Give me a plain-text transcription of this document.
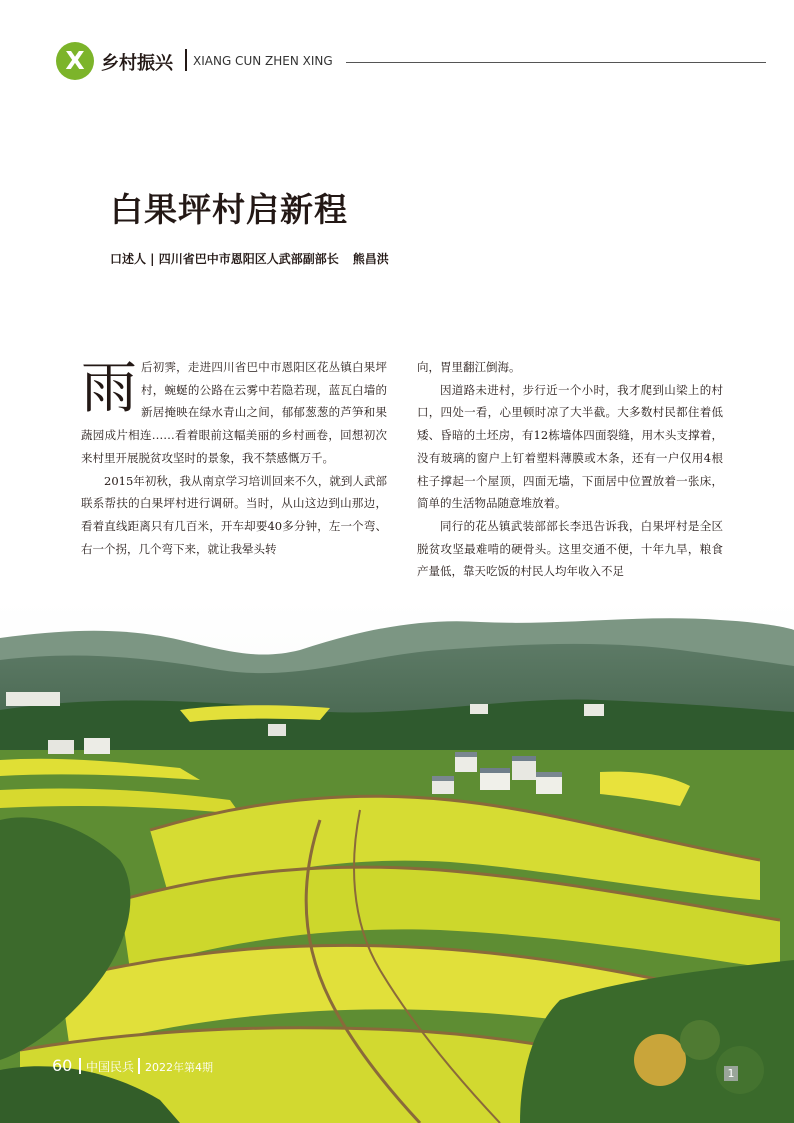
X 乡村振兴 XIANG CUN ZHEN XING
白果坪村启新程
口述人 | 四川省巴中市恩阳区人武部副部长 熊昌洪

雨后初霁，走进四川省巴中市恩阳区花丛镇白果坪村，蜿蜒的公路在云雾中若隐若现，蓝瓦白墙的新居掩映在绿水青山之间，郁郁葱葱的芦笋和果蔬园成片相连……看着眼前这幅美丽的乡村画卷，回想初次来村里开展脱贫攻坚时的景象，我不禁感慨万千。

2015年初秋，我从南京学习培训回来不久，就到人武部联系帮扶的白果坪村进行调研。当时，从山这边到山那边，看着直线距离只有几百米，开车却要40多分钟，左一个弯、右一个拐，几个弯下来，就让我晕头转

向，胃里翻江倒海。

因道路未进村，步行近一个小时，我才爬到山梁上的村口，四处一看，心里顿时凉了大半截。大多数村民都住着低矮、昏暗的土坯房，有12栋墙体四面裂缝，用木头支撑着，没有玻璃的窗户上钉着塑料薄膜或木条，还有一户仅用4根柱子撑起一个屋顶，四面无墙，下面居中位置放着一张床，简单的生活物品随意堆放着。

同行的花丛镇武装部部长李迅告诉我，白果坪村是全区脱贫攻坚最难啃的硬骨头。这里交通不便，十年九旱，粮食产量低，靠天吃饭的村民人均年收入不足

60 中国民兵 2022年第4期	1
